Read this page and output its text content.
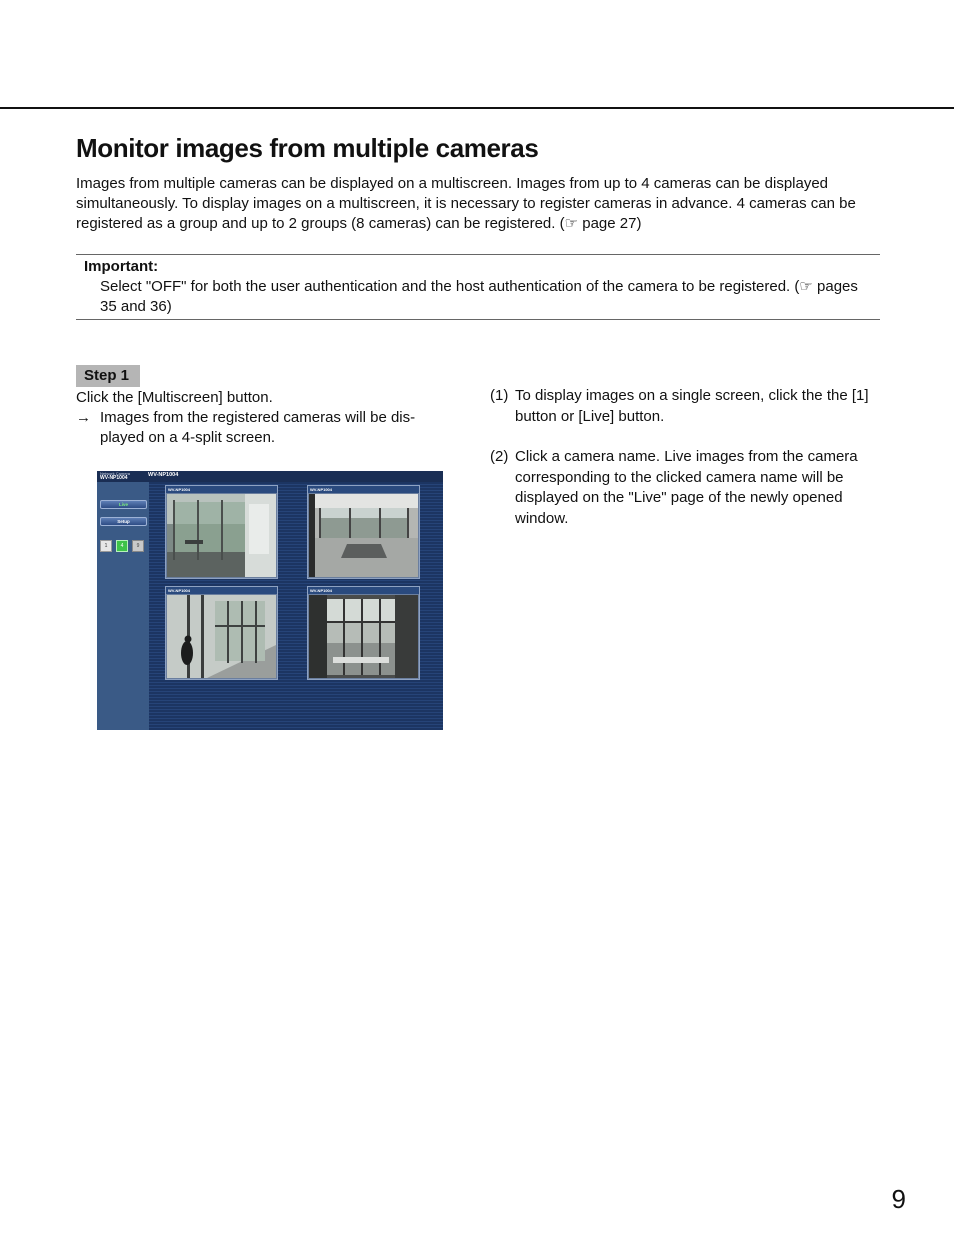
Monitor images from multiple cameras

Images from multiple cameras can be displayed on a multiscreen. Images from up to 4 cameras can be displayed simultaneously. To display images on a multiscreen, it is necessary to register cameras in advance. 4 cameras can be registered as a group and up to 2 groups (8 cameras) can be registered. (☞ page 27)

Important:
Select "OFF" for both the user authentication and the host authentication of the camera to be registered. (☞ pages 35 and 36)
Step 1
Click the [Multiscreen] button.
→ Images from the registered cameras will be dis- played on a 4-split screen.
Network Camera
WV-NP1004	WV-NP1004
Live
Setup
1	4	9
WV-NP1004	WV-NP1004
WV-NP1004	WV-NP1004
(1) To display images on a single screen, click the the [1] button or [Live] button.
(2) Click a camera name. Live images from the camera corresponding to the clicked camera name will be displayed on the "Live" page of the newly opened window.
9
